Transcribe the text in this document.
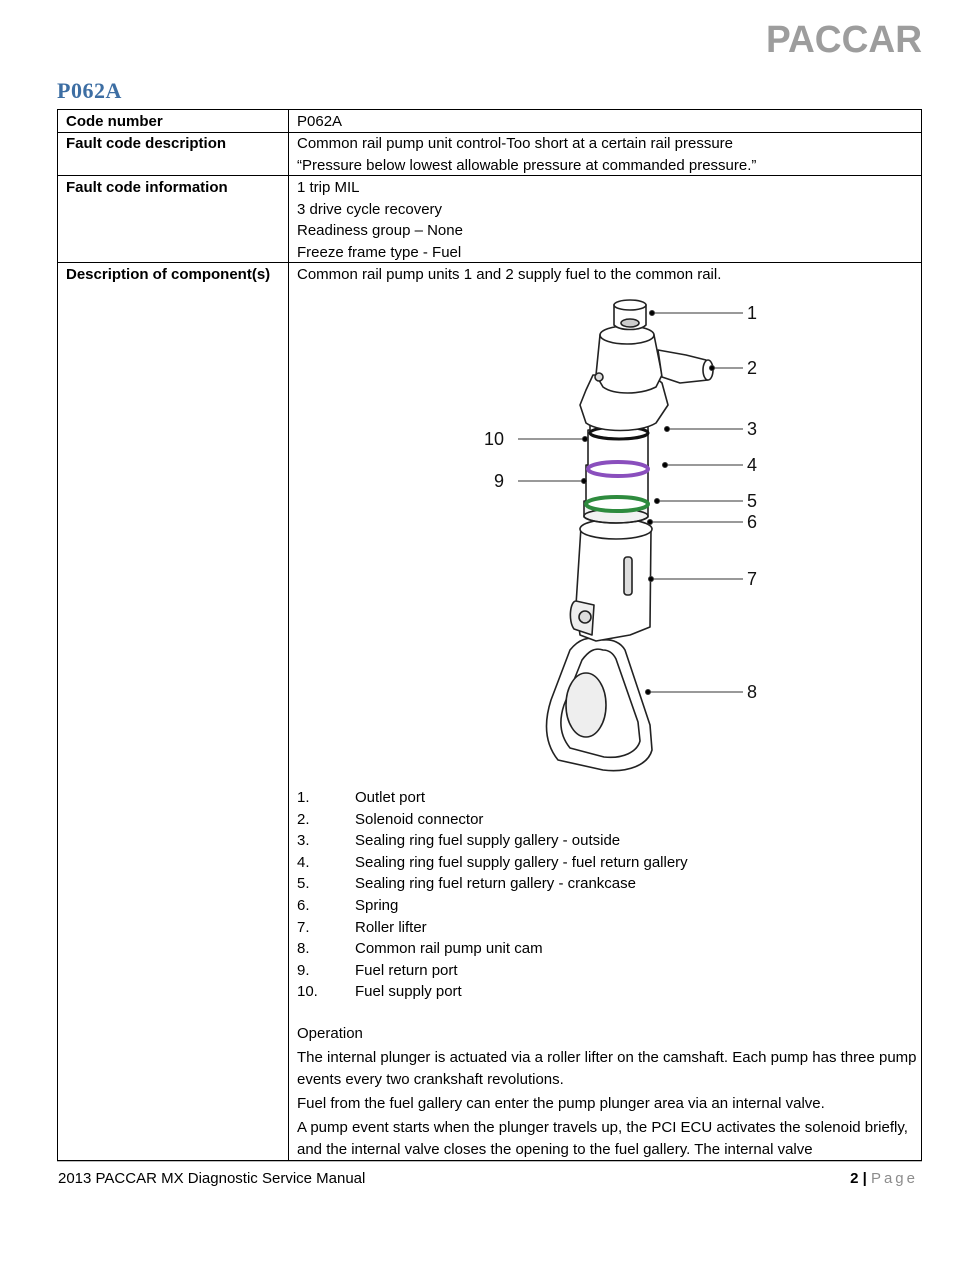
PACCAR
P062A
Code number	P062A
Fault code description	Common rail pump unit control-Too short at a certain rail pressure
“Pressure below lowest allowable pressure at commanded pressure.”
Fault code information	1 trip MIL
3 drive cycle recovery
Readiness group – None
Freeze frame type - Fuel
Description of component(s) Common rail pump units 1 and 2 supply fuel to the common rail.
1
2
3
4
5
6
7
8
9
10
1.	Outlet port
2.	Solenoid connector
3.	Sealing ring fuel supply gallery - outside
4.	Sealing ring fuel supply gallery - fuel return gallery
5.	Sealing ring fuel return gallery - crankcase
6.	Spring
7.	Roller lifter
8.	Common rail pump unit cam
9.	Fuel return port
10. Fuel supply port

Operation

The internal plunger is actuated via a roller lifter on the camshaft. Each pump has three pump events every two crankshaft revolutions.

Fuel from the fuel gallery can enter the pump plunger area via an internal valve.

A pump event starts when the plunger travels up, the PCI ECU activates the solenoid briefly, and the internal valve closes the opening to the fuel gallery. The internal valve

2013 PACCAR MX Diagnostic Service Manual	2 | Page
